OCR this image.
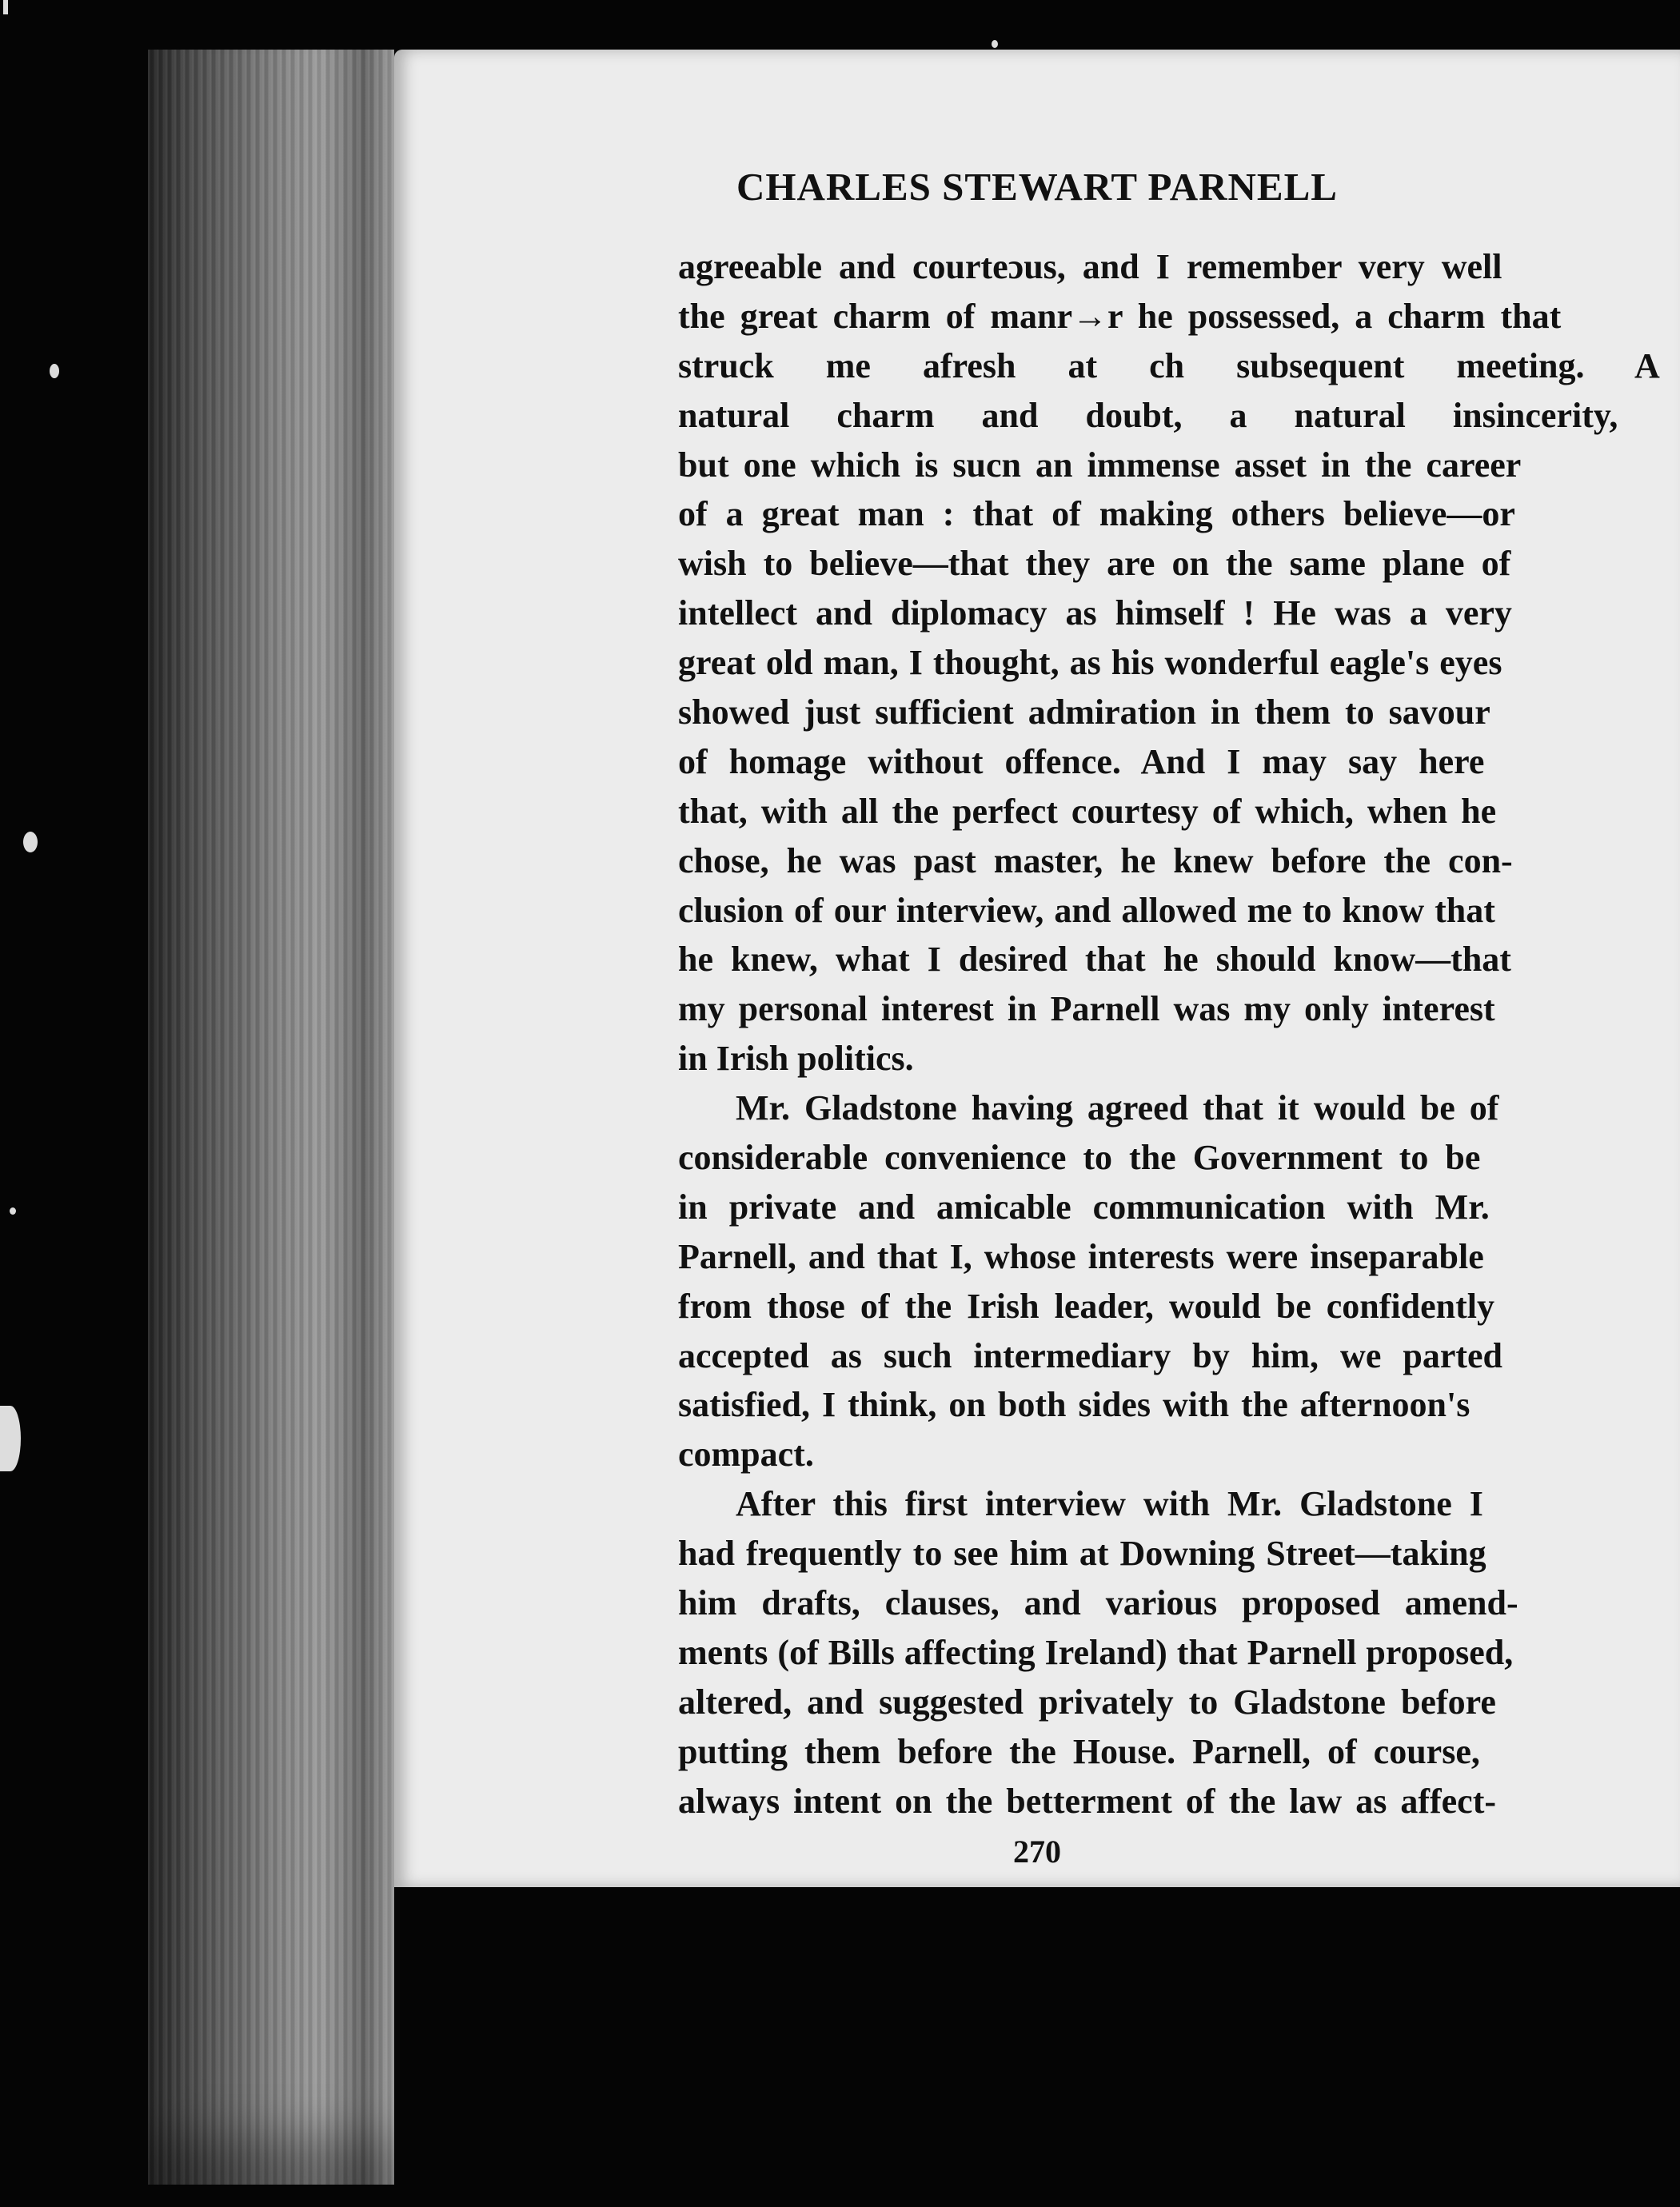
CHARLES STEWART PARNELL
agreeable and courteɔus, and I remember very well
the great charm of manr→r he possessed, a charm that
struck me afresh at ch subsequent meeting. A
natural charm and doubt, a natural insincerity,
but one which is sucn an immense asset in the career
of a great man : that of making others believe—or
wish to believe—that they are on the same plane of
intellect and diplomacy as himself ! He was a very
great old man, I thought, as his wonderful eagle's eyes
showed just sufficient admiration in them to savour
of homage without offence. And I may say here
that, with all the perfect courtesy of which, when he
chose, he was past master, he knew before the con-
clusion of our interview, and allowed me to know that
he knew, what I desired that he should know—that
my personal interest in Parnell was my only interest
in Irish politics.
Mr. Gladstone having agreed that it would be of
considerable convenience to the Government to be
in private and amicable communication with Mr.
Parnell, and that I, whose interests were inseparable
from those of the Irish leader, would be confidently
accepted as such intermediary by him, we parted
satisfied, I think, on both sides with the afternoon's
compact.
After this first interview with Mr. Gladstone I
had frequently to see him at Downing Street—taking
him drafts, clauses, and various proposed amend-
ments (of Bills affecting Ireland) that Parnell proposed,
altered, and suggested privately to Gladstone before
putting them before the House. Parnell, of course,
always intent on the betterment of the law as affect-
270
